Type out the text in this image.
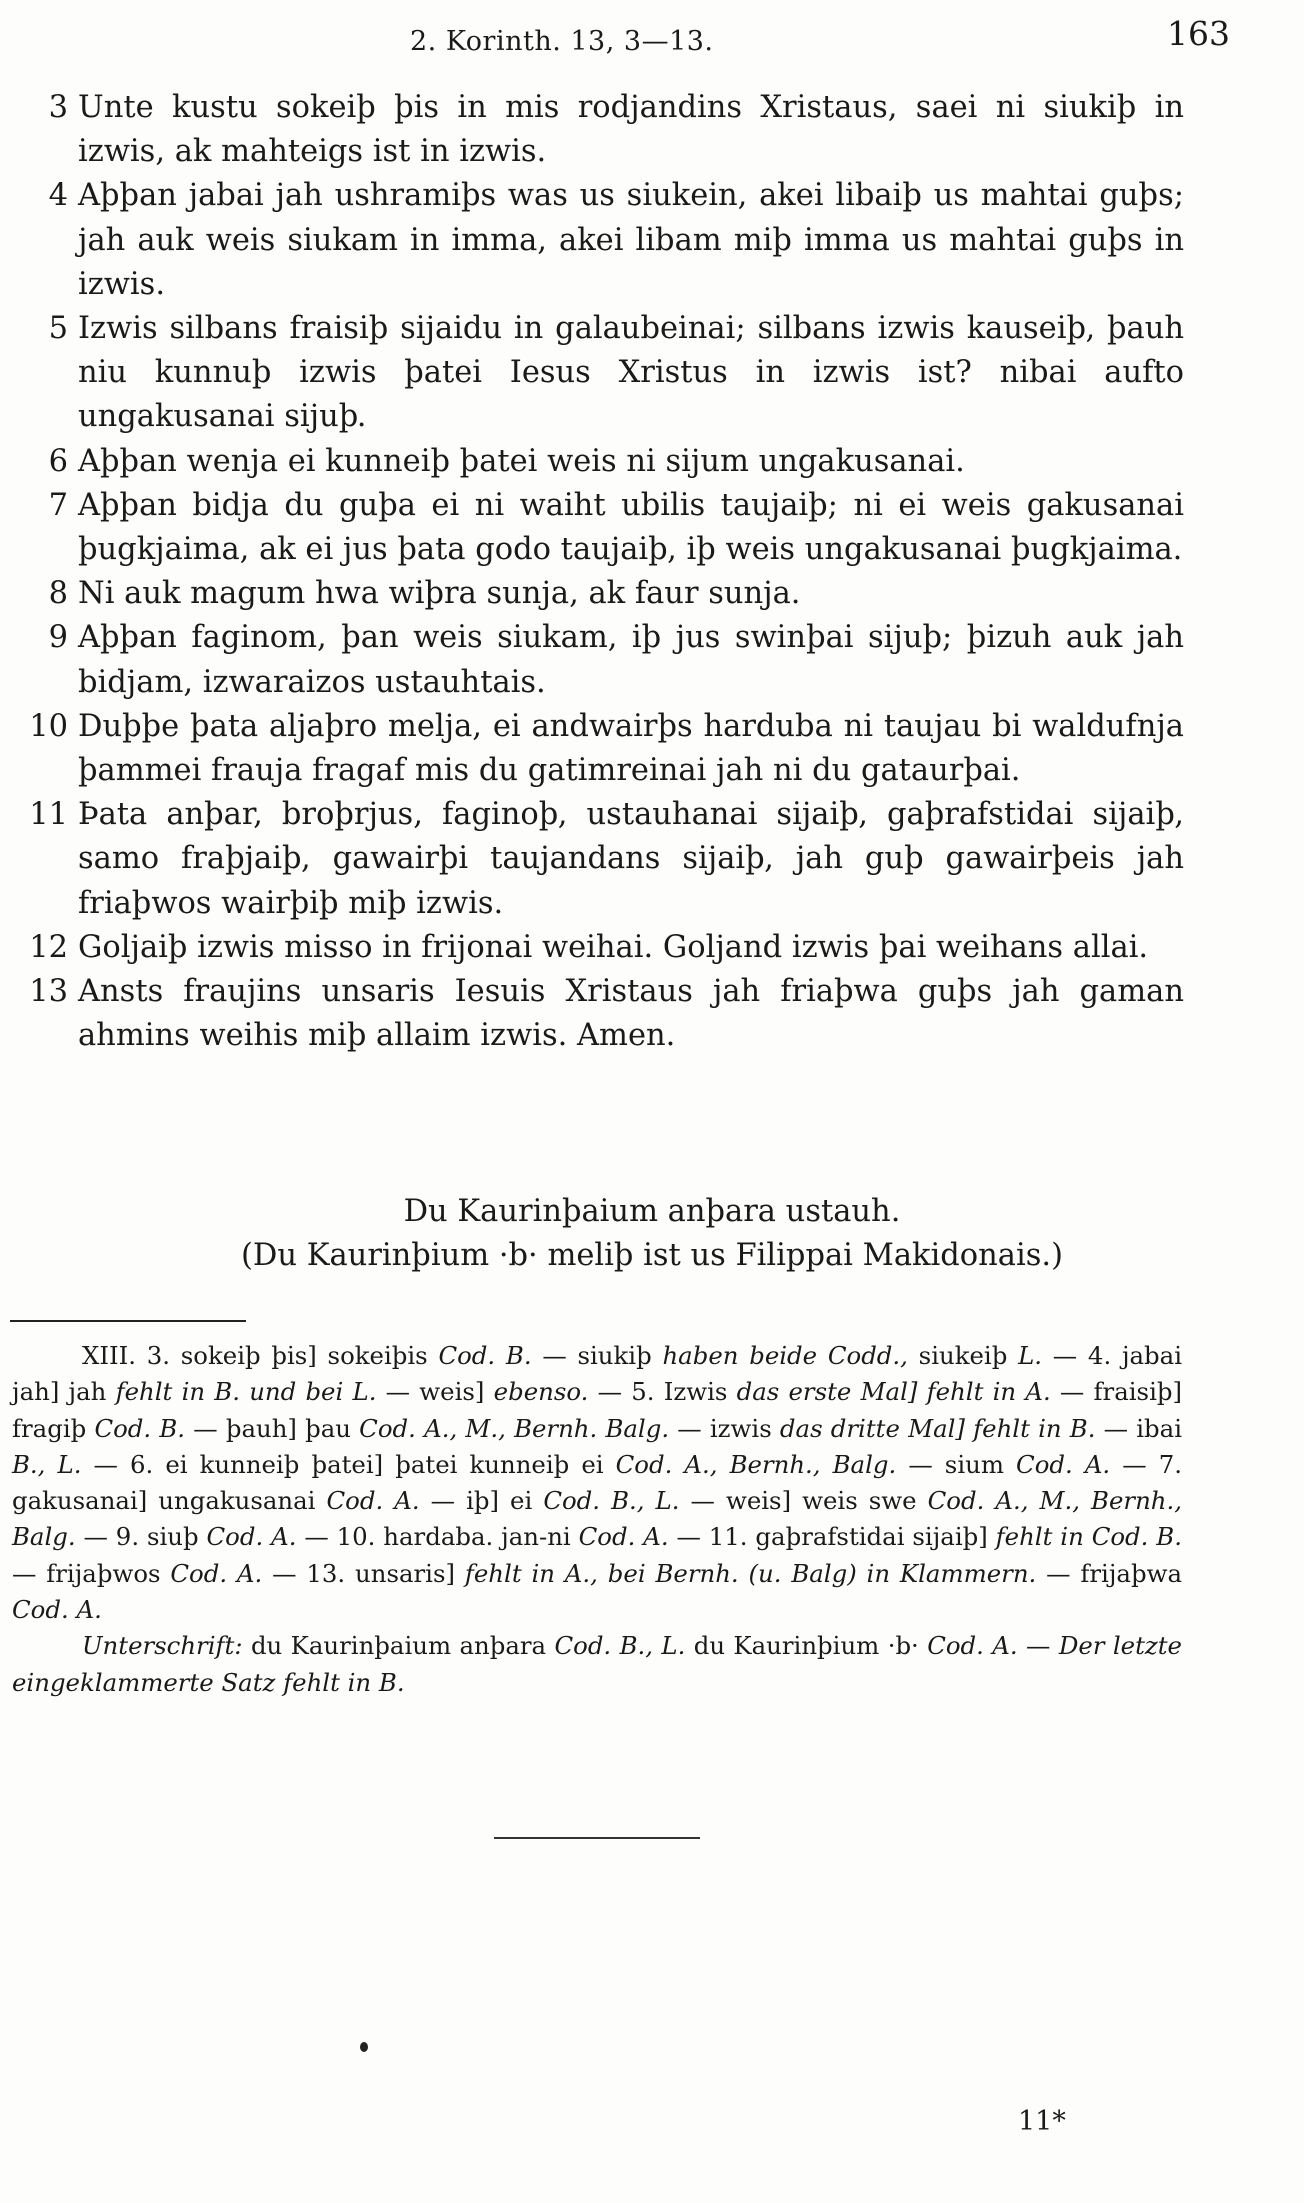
2. Korinth. 13, 3—13.	163
3 Unte kustu sokeiþ þis in mis rodjandins Xristaus, saei ni siukiþ in izwis, ak mahteigs ist in izwis.
4 Aþþan jabai jah ushramiþs was us siukein, akei libaiþ us mahtai guþs; jah auk weis siukam in imma, akei libam miþ imma us mahtai guþs in izwis.
5 Izwis silbans fraisiþ sijaidu in galaubeinai; silbans izwis kauseiþ, þauh niu kunnuþ izwis þatei Iesus Xristus in izwis ist? nibai aufto ungakusanai sijuþ.
6 Aþþan wenja ei kunneiþ þatei weis ni sijum ungakusanai.
7 Aþþan bidja du guþa ei ni waiht ubilis taujaiþ; ni ei weis gakusanai þugkjaima, ak ei jus þata godo taujaiþ, iþ weis ungakusanai þugkjaima.
8 Ni auk magum hwa wiþra sunja, ak faur sunja.
9 Aþþan faginom, þan weis siukam, iþ jus swinþai sijuþ; þizuh auk jah bidjam, izwaraizos ustauhtais.
10 Duþþe þata aljaþro melja, ei andwairþs harduba ni taujau bi waldufnja þammei frauja fragaf mis du gatimreinai jah ni du gataurþai.
11 Þata anþar, broþrjus, faginoþ, ustauhanai sijaiþ, gaþrafstidai sijaiþ, samo fraþjaiþ, gawairþi taujandans sijaiþ, jah guþ gawairþeis jah friaþwos wairþiþ miþ izwis.
12 Goljaiþ izwis misso in frijonai weihai. Goljand izwis þai weihans allai.
13 Ansts fraujins unsaris Iesuis Xristaus jah friaþwa guþs jah gaman ahmins weihis miþ allaim izwis. Amen.
Du Kaurinþaium anþara ustauh.
(Du Kaurinþium ·b· meliþ ist us Filippai Makidonais.)

XIII. 3. sokeiþ þis] sokeiþis Cod. B. — siukiþ haben beide Codd., siukeiþ L. — 4. jabai jah] jah fehlt in B. und bei L. — weis] ebenso. — 5. Izwis das erste Mal] fehlt in A. — fraisiþ] fragiþ Cod. B. — þauh] þau Cod. A., M., Bernh. Balg. — izwis das dritte Mal] fehlt in B. — ibai B., L. — 6. ei kunneiþ þatei] þatei kunneiþ ei Cod. A., Bernh., Balg. — sium Cod. A. — 7. gakusanai] ungakusanai Cod. A. — iþ] ei Cod. B., L. — weis] weis swe Cod. A., M., Bernh., Balg. — 9. siuþ Cod. A. — 10. hardaba. jan-ni Cod. A. — 11. gaþrafstidai sijaiþ] fehlt in Cod. B. — frijaþwos Cod. A. — 13. unsaris] fehlt in A., bei Bernh. (u. Balg) in Klammern. — frijaþwa Cod. A.

Unterschrift: du Kaurinþaium anþara Cod. B., L. du Kaurinþium ·b· Cod. A. — Der letzte eingeklammerte Satz fehlt in B.

11*
